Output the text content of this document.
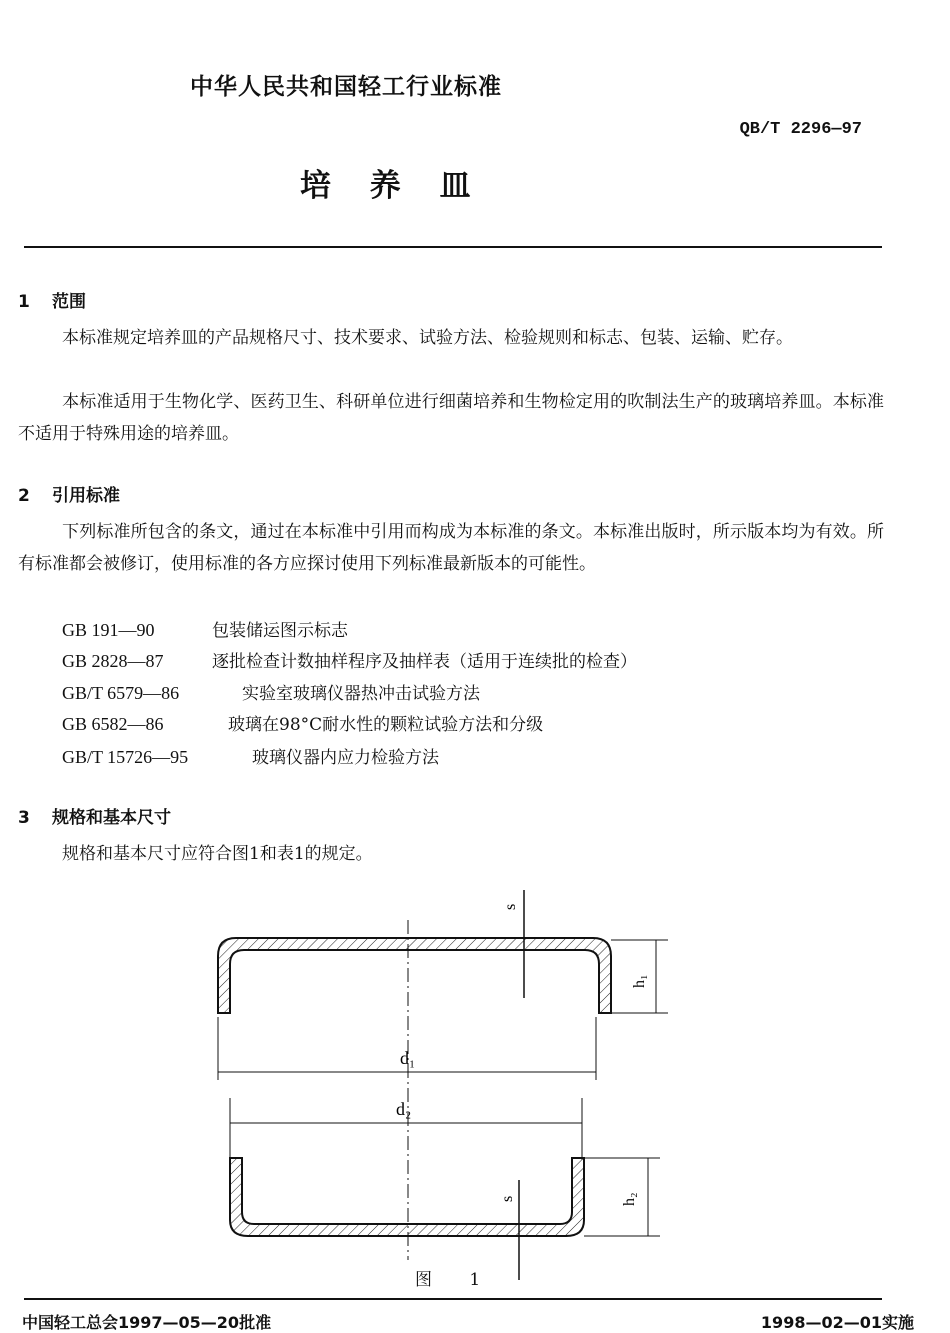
中华人民共和国轻工行业标准
QB/T 2296—97
培 养 皿
1 范围
本标准规定培养皿的产品规格尺寸、技术要求、试验方法、检验规则和标志、包装、运输、贮存。
本标准适用于生物化学、医药卫生、科研单位进行细菌培养和生物检定用的吹制法生产的玻璃培养皿。本标准不适用于特殊用途的培养皿。
2 引用标准
下列标准所包含的条文，通过在本标准中引用而构成为本标准的条文。本标准出版时，所示版本均为有效。所有标准都会被修订，使用标准的各方应探讨使用下列标准最新版本的可能性。
GB 191—90	包装储运图示标志
GB 2828—87	逐批检查计数抽样程序及抽样表（适用于连续批的检查）
GB/T 6579—86	实验室玻璃仪器热冲击试验方法
GB 6582—86	玻璃在98°C耐水性的颗粒试验方法和分级
GB/T 15726—95	玻璃仪器内应力检验方法
3 规格和基本尺寸
规格和基本尺寸应符合图1和表1的规定。
s
h₁
d₁
d₂
s	h₂
图 1
中国轻工总会1997—05—20批准	1998—02—01实施
